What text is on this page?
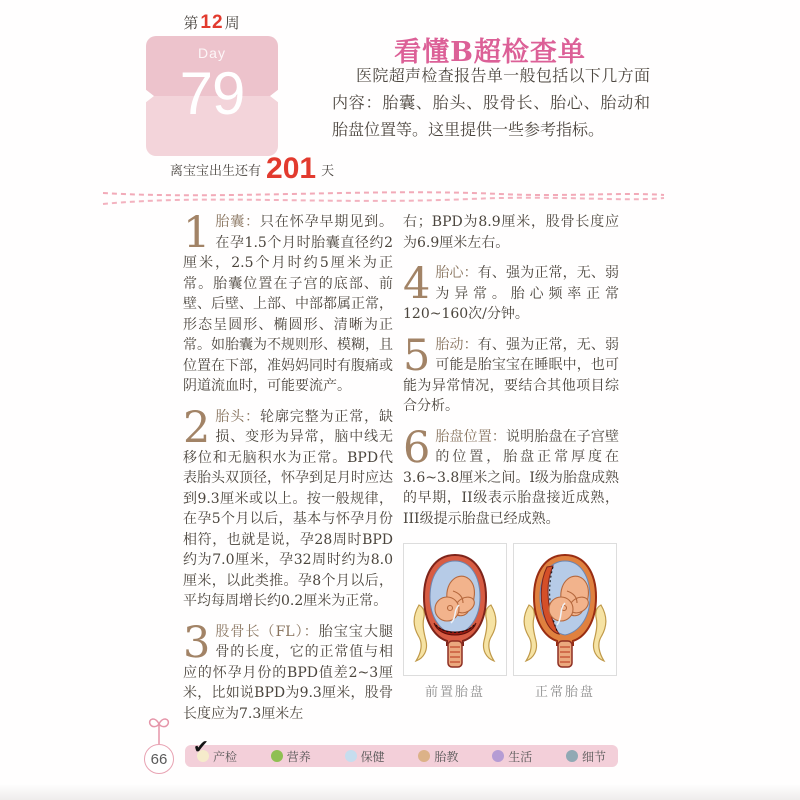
第12周
Day
79
离宝宝出生还有 201 天
看懂B超检查单

医院超声检查报告单一般包括以下几方面内容：胎囊、胎头、股骨长、胎心、胎动和胎盘位置等。这里提供一些参考指标。

1 胎囊：只在怀孕早期见到。在孕1.5个月时胎囊直径约2厘米，2.5个月时约5厘米为正常。胎囊位置在子宫的底部、前壁、后壁、上部、中部都属正常，形态呈圆形、椭圆形、清晰为正常。如胎囊为不规则形、模糊，且位置在下部，准妈妈同时有腹痛或阴道流血时，可能要流产。
2 胎头：轮廓完整为正常，缺损、变形为异常，脑中线无移位和无脑积水为正常。BPD代表胎头双顶径，怀孕到足月时应达到9.3厘米或以上。按一般规律，在孕5个月以后，基本与怀孕月份相符，也就是说，孕28周时BPD约为7.0厘米，孕32周时约为8.0厘米，以此类推。孕8个月以后，平均每周增长约0.2厘米为正常。
3 股骨长（FL）：胎宝宝大腿骨的长度，它的正常值与相应的怀孕月份的BPD值差2~3厘米，比如说BPD为9.3厘米，股骨长度应为7.3厘米左

右；BPD为8.9厘米，股骨长度应为6.9厘米左右。

4 胎心：有、强为正常，无、弱为异常。胎心频率正常120~160次/分钟。
5 胎动：有、强为正常，无、弱可能是胎宝宝在睡眠中，也可能为异常情况，要结合其他项目综合分析。
6 胎盘位置：说明胎盘在子宫壁的位置，胎盘正常厚度在3.6~3.8厘米之间。I级为胎盘成熟的早期，II级表示胎盘接近成熟，III级提示胎盘已经成熟。
前置胎盘	正常胎盘
66
✔ 产检	营养	保健	胎教	生活	细节
